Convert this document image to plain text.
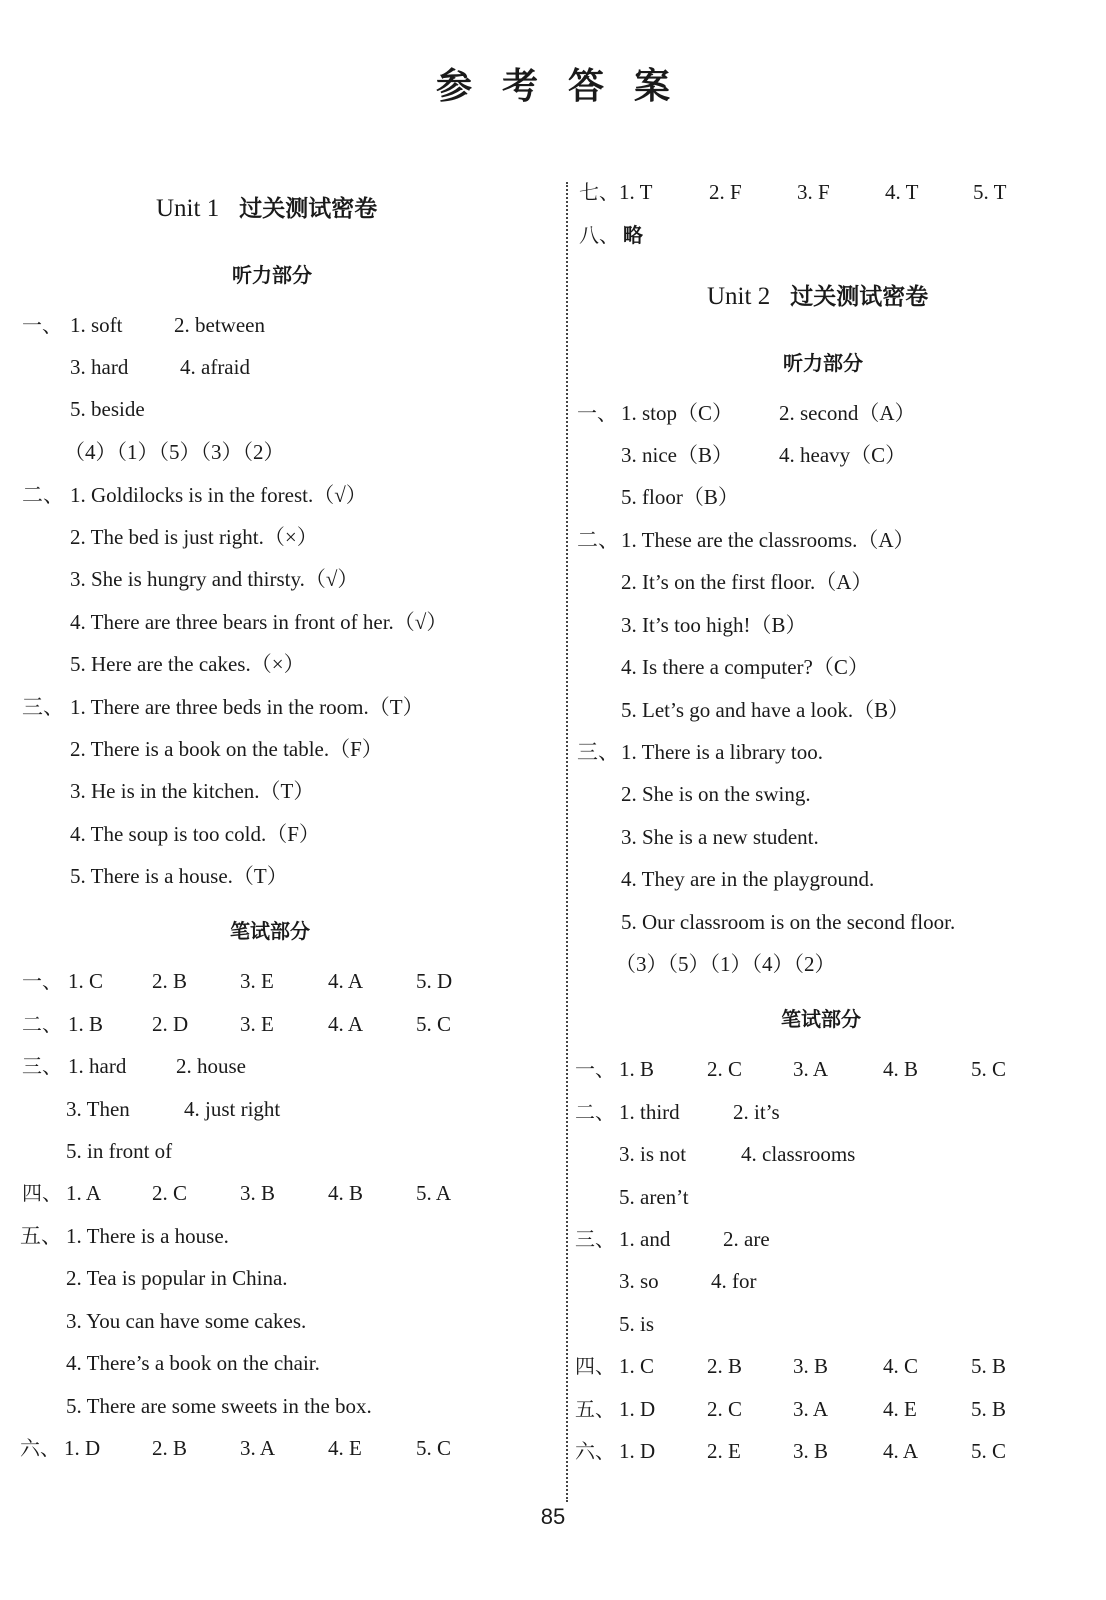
参考答案
Unit 1 过关测试密卷
听力部分
一、 1. soft 2. between
3. hard 4. afraid
5. beside
（4）（1）（5）（3）（2）
二、 1. Goldilocks is in the forest.（√）
2. The bed is just right.（×）
3. She is hungry and thirsty.（√）
4. There are three bears in front of her.（√）
5. Here are the cakes.（×）
三、 1. There are three beds in the room.（T）
2. There is a book on the table.（F）
3. He is in the kitchen.（T）
4. The soup is too cold.（F）
5. There is a house.（T）
笔试部分
一、 1. C 2. B	3. E	4. A	5. D
二、 1. B 2. D 3. E	4. A	5. C
三、 1. hard 2. house
3. Then	4. just right
5. in front of
四、 1. A 2. C	3. B	4. B	5. A
五、 1. There is a house.
2. Tea is popular in China.
3. You can have some cakes.
4. There’s a book on the chair.
5. There are some sweets in the box.
六、 1. D 2. B	3. A	4. E	5. C
七、 1. T	2. F	3. F	4. T	5. T
八、 略
Unit 2 过关测试密卷
听力部分
一、 1. stop（C） 2. second（A）
3. nice（B） 4. heavy（C）
5. floor（B）
二、 1. These are the classrooms.（A）
2. It’s on the first floor.（A）
3. It’s too high!（B）
4. Is there a computer?（C）
5. Let’s go and have a look.（B）
三、 1. There is a library too.
2. She is on the swing.
3. She is a new student.
4. They are in the playground.
5. Our classroom is on the second floor.
（3）（5）（1）（4）（2）
笔试部分
一、 1. B	2. C 3. A	4. B	5. C
二、 1. third	2. it’s
3. is not	4. classrooms
5. aren’t
三、 1. and	2. are
3. so 4. for
5. is
四、 1. C	2. B 3. B	4. C	5. B
五、 1. D 2. C 3. A	4. E	5. B
六、 1. D 2. E 3. B	4. A	5. C
85
